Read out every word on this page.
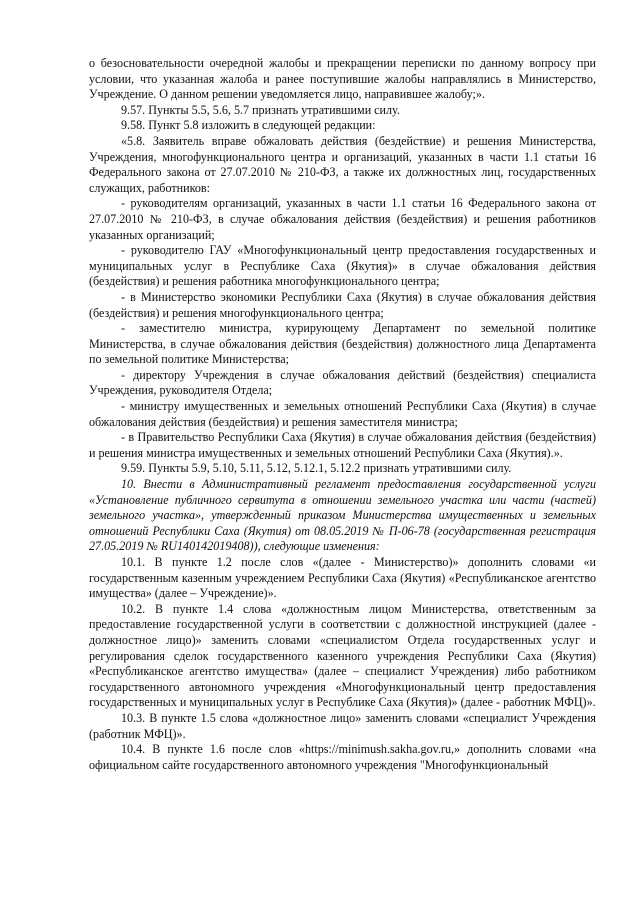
о безосновательности очередной жалобы и прекращении переписки по данному вопросу при условии, что указанная жалоба и ранее поступившие жалобы направлялись в Министерство, Учреждение. О данном решении уведомляется лицо, направившее жалобу;».

9.57. Пункты 5.5, 5.6, 5.7 признать утратившими силу.

9.58. Пункт 5.8 изложить в следующей редакции:

«5.8. Заявитель вправе обжаловать действия (бездействие) и решения Министерства, Учреждения, многофункционального центра и организаций, указанных в части 1.1 статьи 16 Федерального закона от 27.07.2010 № 210-ФЗ, а также их должностных лиц, государственных служащих, работников:

- руководителям организаций, указанных в части 1.1 статьи 16 Федерального закона от 27.07.2010 № 210-ФЗ, в случае обжалования действия (бездействия) и решения работников указанных организаций;

- руководителю ГАУ «Многофункциональный центр предоставления государственных и муниципальных услуг в Республике Саха (Якутия)» в случае обжалования действия (бездействия) и решения работника многофункционального центра;

- в Министерство экономики Республики Саха (Якутия) в случае обжалования действия (бездействия) и решения многофункционального центра;

- заместителю министра, курирующему Департамент по земельной политике Министерства, в случае обжалования действия (бездействия) должностного лица Департамента по земельной политике Министерства;

- директору Учреждения в случае обжалования действий (бездействия) специалиста Учреждения, руководителя Отдела;

- министру имущественных и земельных отношений Республики Саха (Якутия) в случае обжалования действия (бездействия) и решения заместителя министра;

- в Правительство Республики Саха (Якутия) в случае обжалования действия (бездействия) и решения министра имущественных и земельных отношений Республики Саха (Якутия).».

9.59. Пункты 5.9, 5.10, 5.11, 5.12, 5.12.1, 5.12.2 признать утратившими силу.

10. Внести в Административный регламент предоставления государственной услуги «Установление публичного сервитута в отношении земельного участка или части (частей) земельного участка», утвержденный приказом Министерства имущественных и земельных отношений Республики Саха (Якутия) от 08.05.2019 № П-06-78 (государственная регистрация 27.05.2019 № RU140142019408)), следующие изменения:

10.1. В пункте 1.2 после слов «(далее - Министерство)» дополнить словами «и государственным казенным учреждением Республики Саха (Якутия) «Республиканское агентство имущества» (далее – Учреждение)».

10.2. В пункте 1.4 слова «должностным лицом Министерства, ответственным за предоставление государственной услуги в соответствии с должностной инструкцией (далее - должностное лицо)» заменить словами «специалистом Отдела государственных услуг и регулирования сделок государственного казенного учреждения Республики Саха (Якутия) «Республиканское агентство имущества» (далее – специалист Учреждения) либо работником государственного автономного учреждения «Многофункциональный центр предоставления государственных и муниципальных услуг в Республике Саха (Якутия)» (далее - работник МФЦ)».

10.3. В пункте 1.5 слова «должностное лицо» заменить словами «специалист Учреждения (работник МФЦ)».

10.4. В пункте 1.6 после слов «https://minimush.sakha.gov.ru,» дополнить словами «на официальном сайте государственного автономного учреждения "Многофункциональный
